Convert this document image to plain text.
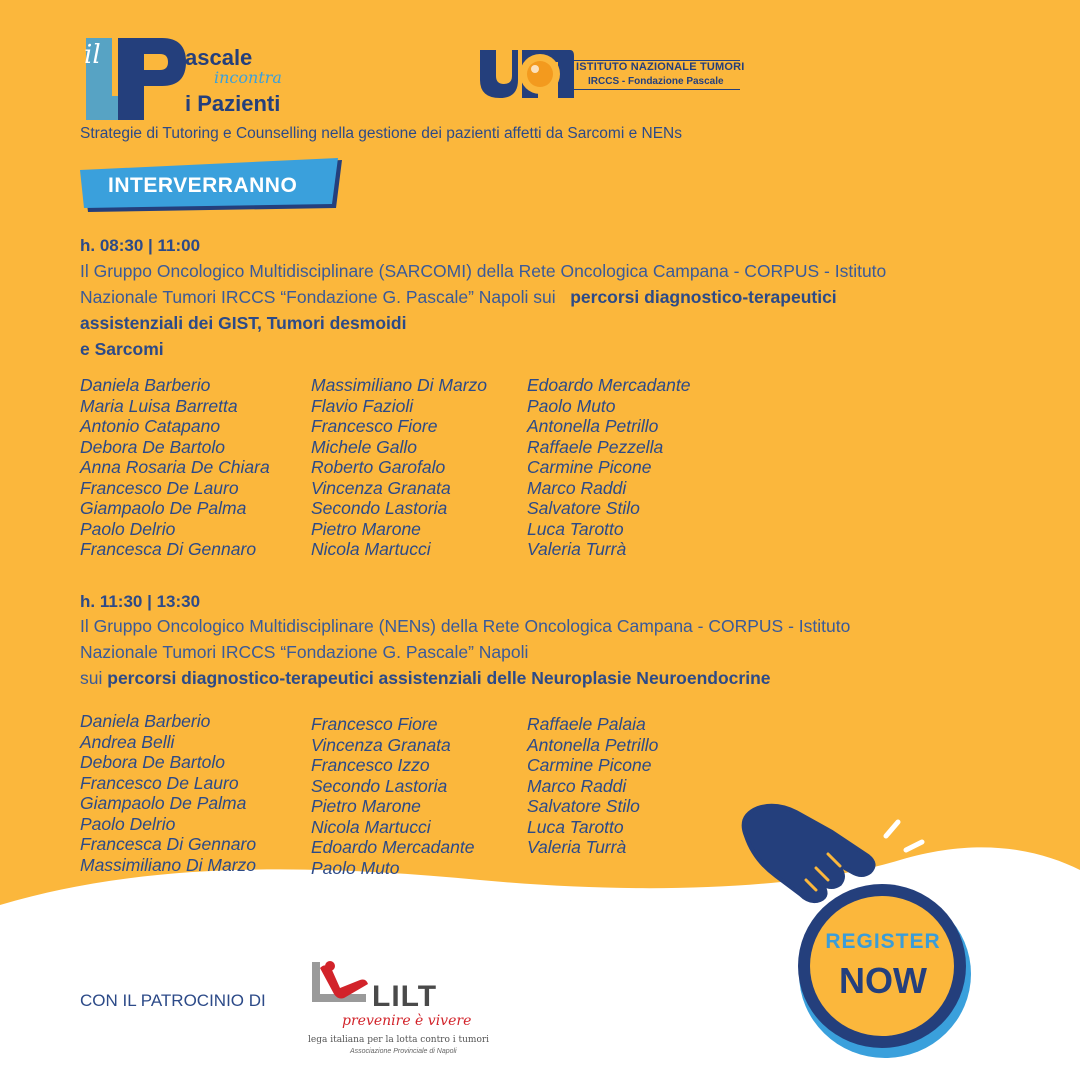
il	ascale
incontra
i Pazienti
ISTITUTO NAZIONALE TUMORI
IRCCS - Fondazione Pascale
Strategie di Tutoring e Counselling nella gestione dei pazienti affetti da Sarcomi e NENs
INTERVERRANNO
h. 08:30 | 11:00
Il Gruppo Oncologico Multidisciplinare (SARCOMI) della Rete Oncologica Campana - CORPUS - Istituto
Nazionale Tumori IRCCS “Fondazione G. Pascale” Napoli sui percorsi diagnostico-terapeutici
assistenziali dei GIST, Tumori desmoidi
e Sarcomi
Daniela Barberio
Maria Luisa Barretta
Antonio Catapano
Debora De Bartolo
Anna Rosaria De Chiara
Francesco De Lauro
Giampaolo De Palma
Paolo Delrio
Francesca Di Gennaro
Massimiliano Di Marzo
Flavio Fazioli
Francesco Fiore
Michele Gallo
Roberto Garofalo
Vincenza Granata
Secondo Lastoria
Pietro Marone
Nicola Martucci
Edoardo Mercadante
Paolo Muto
Antonella Petrillo
Raffaele Pezzella
Carmine Picone
Marco Raddi
Salvatore Stilo
Luca Tarotto
Valeria Turrà
h. 11:30 | 13:30
Il Gruppo Oncologico Multidisciplinare (NENs) della Rete Oncologica Campana - CORPUS - Istituto
Nazionale Tumori IRCCS “Fondazione G. Pascale” Napoli
sui percorsi diagnostico-terapeutici assistenziali delle Neuroplasie Neuroendocrine
Daniela Barberio
Andrea Belli
Debora De Bartolo
Francesco De Lauro
Giampaolo De Palma
Paolo Delrio
Francesca Di Gennaro
Massimiliano Di Marzo
Francesco Fiore
Vincenza Granata
Francesco Izzo
Secondo Lastoria
Pietro Marone
Nicola Martucci
Edoardo Mercadante
Paolo Muto
Raffaele Palaia
Antonella Petrillo
Carmine Picone
Marco Raddi
Salvatore Stilo
Luca Tarotto
Valeria Turrà
CON IL PATROCINIO DI	LILT
prevenire è vivere
lega italiana per la lotta contro i tumori
Associazione Provinciale di Napoli
REGISTER
NOW
